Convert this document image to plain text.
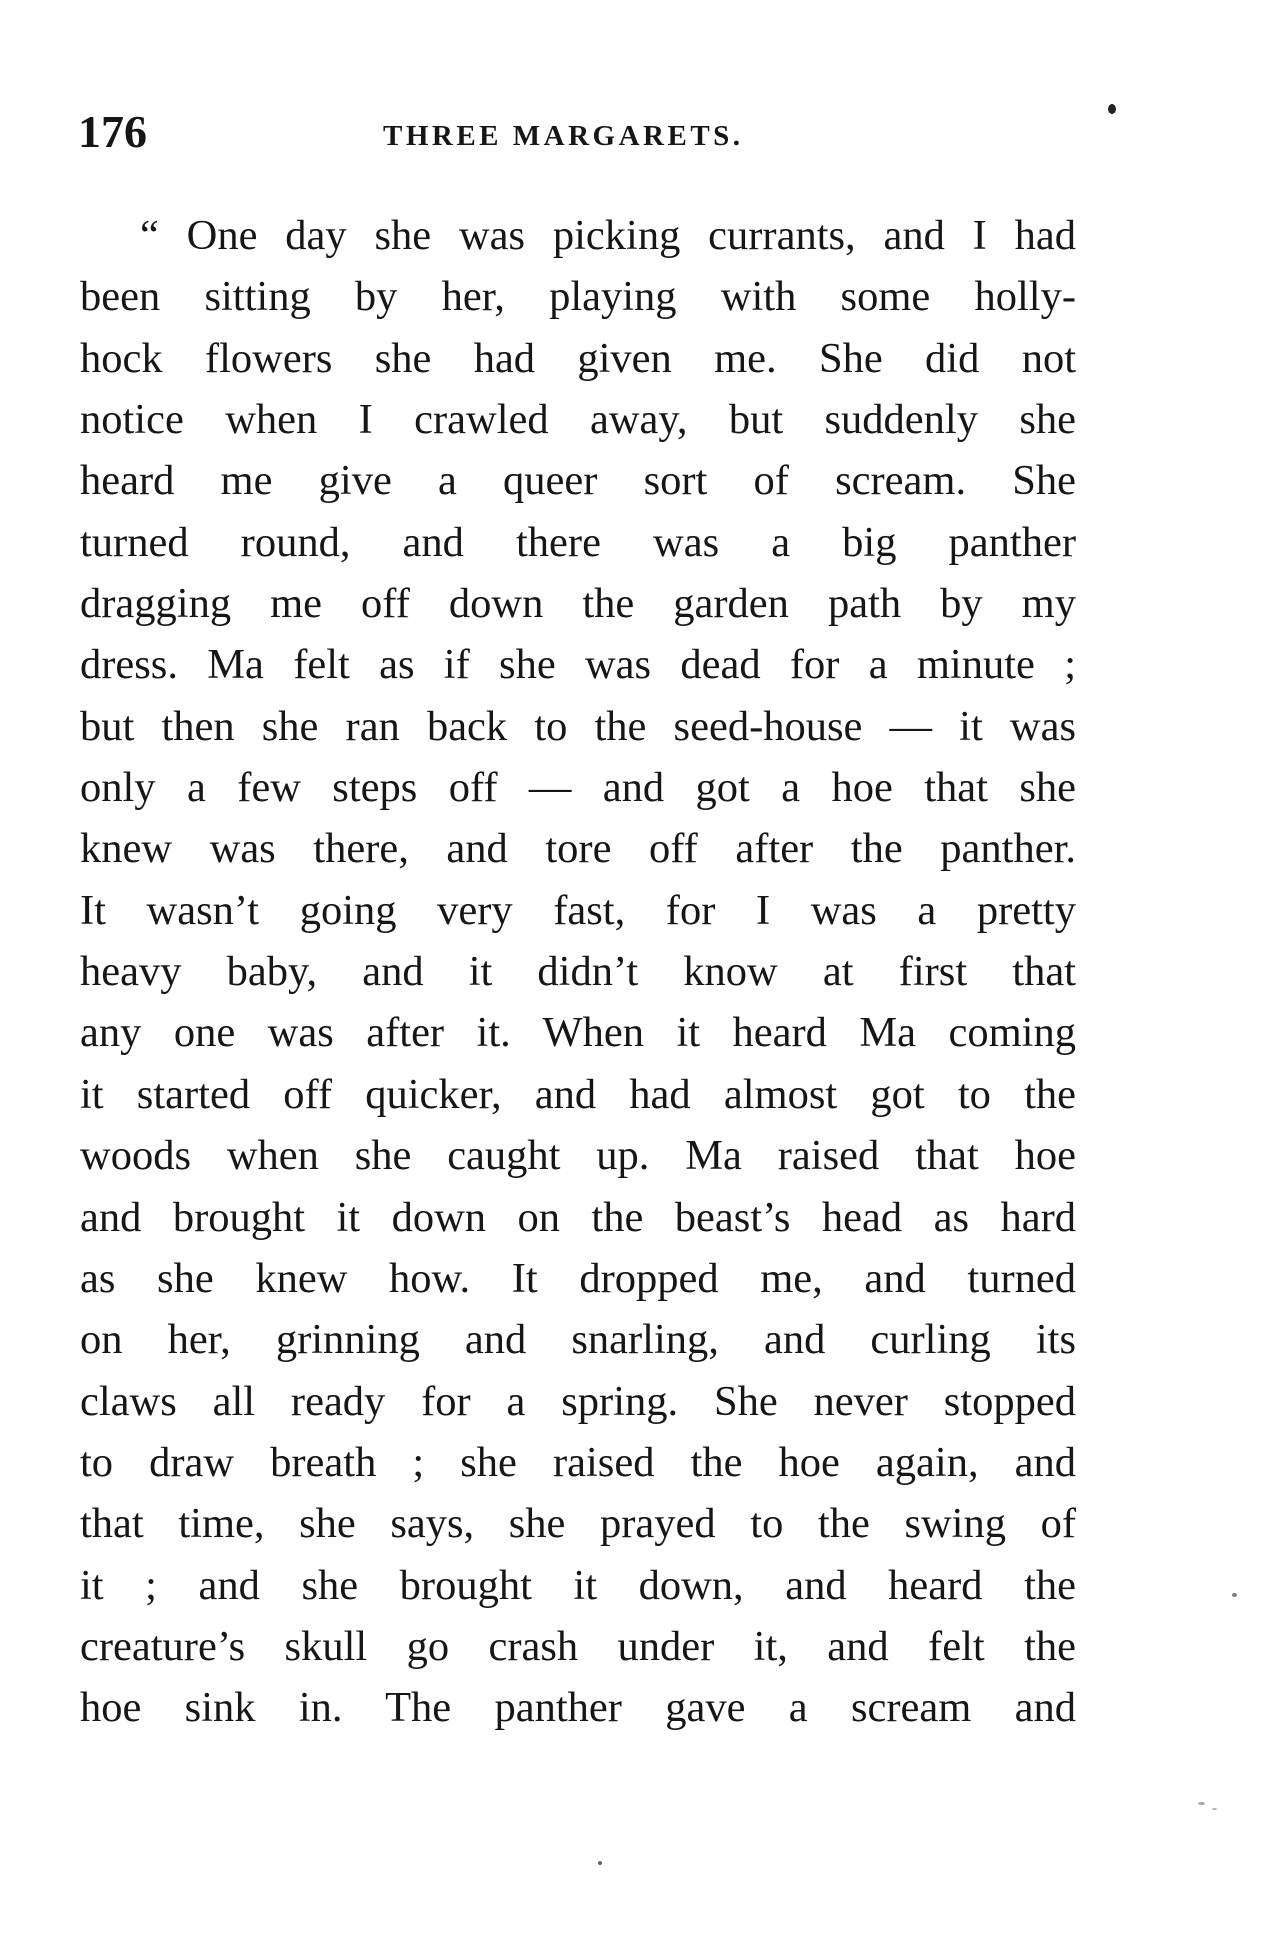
176	THREE MARGARETS.
“ One day she was picking currants, and I had
been sitting by her, playing with some holly-
hock flowers she had given me. She did not
notice when I crawled away, but suddenly she
heard me give a queer sort of scream. She
turned round, and there was a big panther
dragging me off down the garden path by my
dress. Ma felt as if she was dead for a minute ;
but then she ran back to the seed-house — it was
only a few steps off — and got a hoe that she
knew was there, and tore off after the panther.
It wasn’t going very fast, for I was a pretty
heavy baby, and it didn’t know at first that
any one was after it. When it heard Ma coming
it started off quicker, and had almost got to the
woods when she caught up. Ma raised that hoe
and brought it down on the beast’s head as hard
as she knew how. It dropped me, and turned
on her, grinning and snarling, and curling its
claws all ready for a spring. She never stopped
to draw breath ; she raised the hoe again, and
that time, she says, she prayed to the swing of
it ; and she brought it down, and heard the
creature’s skull go crash under it, and felt the
hoe sink in. The panther gave a scream and
